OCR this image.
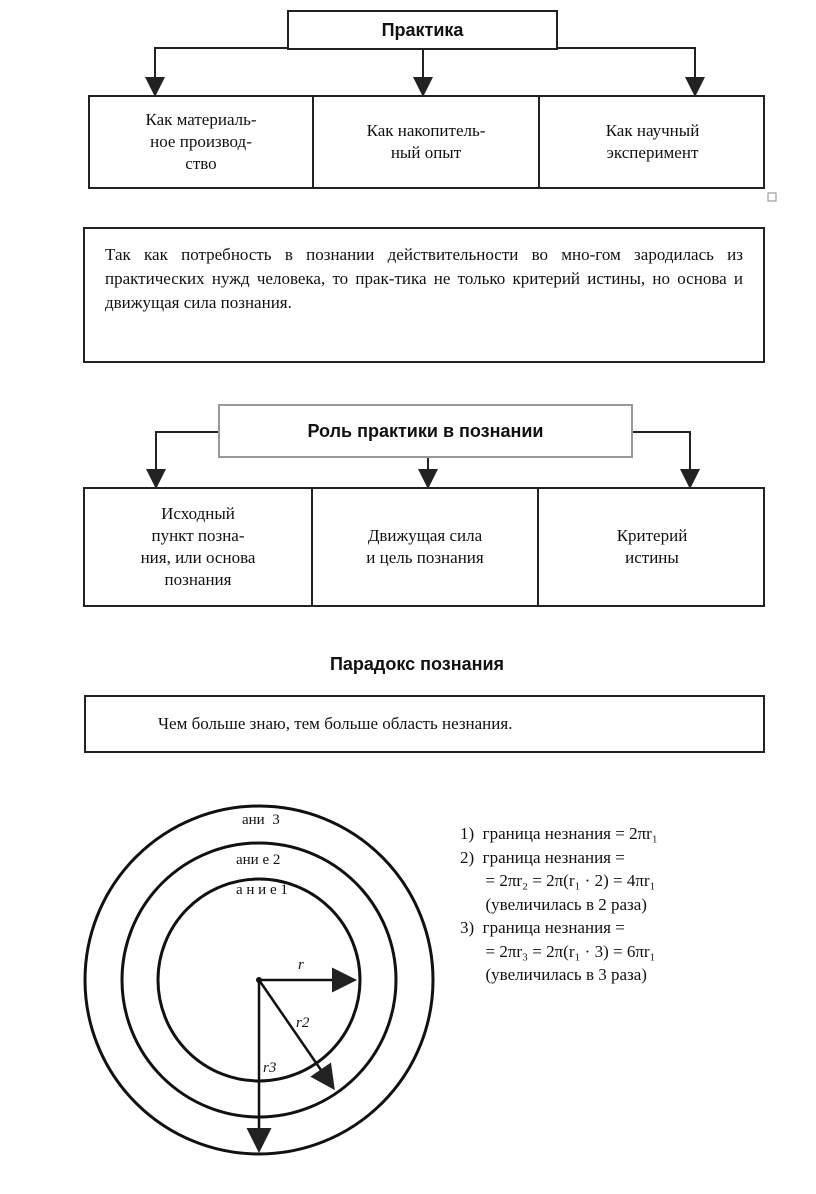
Практика
Как материаль-
ное производ-
ство
Как накопитель-
ный опыт
Как научный
эксперимент
Так как потребность в познании действительности во мно-гом зародилась из практических нужд человека, то прак-тика не только критерий истины, но основа и движущая сила познания.
Роль практики в познании
Исходный
пункт позна-
ния, или основа
познания
Движущая сила
и цель познания
Критерий
истины
Парадокс познания
Чем больше знаю, тем больше область незнания.
ани  3
ани е 2
а н и е 1
r
r2
r3
1)  граница незнания = 2πr₁
2)  граница незнания =
= 2πr₂ = 2π(r₁ · 2) = 4πr₁
(увеличилась в 2 раза)
3)  граница незнания =
= 2πr₃ = 2π(r₁ · 3) = 6πr₁
(увеличилась в 3 раза)
